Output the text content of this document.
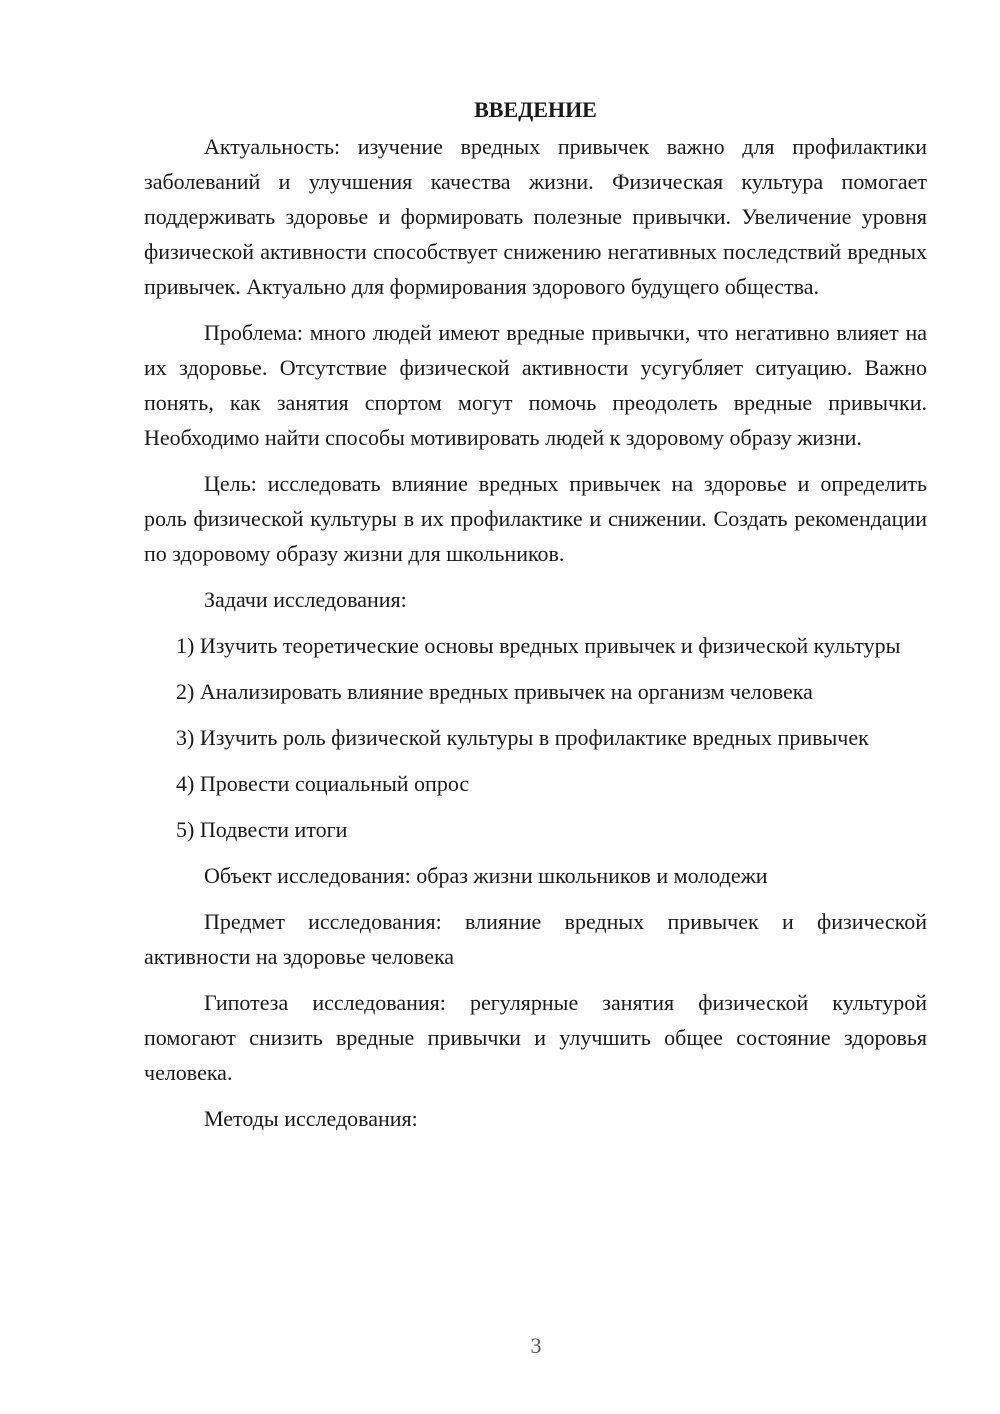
ВВЕДЕНИЕ

Актуальность: изучение вредных привычек важно для профилактики заболеваний и улучшения качества жизни. Физическая культура помогает поддерживать здоровье и формировать полезные привычки. Увеличение уровня физической активности способствует снижению негативных последствий вредных привычек. Актуально для формирования здорового будущего общества.

Проблема: много людей имеют вредные привычки, что негативно влияет на их здоровье. Отсутствие физической активности усугубляет ситуацию. Важно понять, как занятия спортом могут помочь преодолеть вредные привычки. Необходимо найти способы мотивировать людей к здоровому образу жизни.

Цель: исследовать влияние вредных привычек на здоровье и определить роль физической культуры в их профилактике и снижении. Создать рекомендации по здоровому образу жизни для школьников.

Задачи исследования:

1) Изучить теоретические основы вредных привычек и физической культуры

2) Анализировать влияние вредных привычек на организм человека

3) Изучить роль физической культуры в профилактике вредных привычек

4) Провести социальный опрос

5) Подвести итоги

Объект исследования: образ жизни школьников и молодежи

Предмет исследования: влияние вредных привычек и физической активности на здоровье человека

Гипотеза исследования: регулярные занятия физической культурой помогают снизить вредные привычки и улучшить общее состояние здоровья человека.

Методы исследования:

3
